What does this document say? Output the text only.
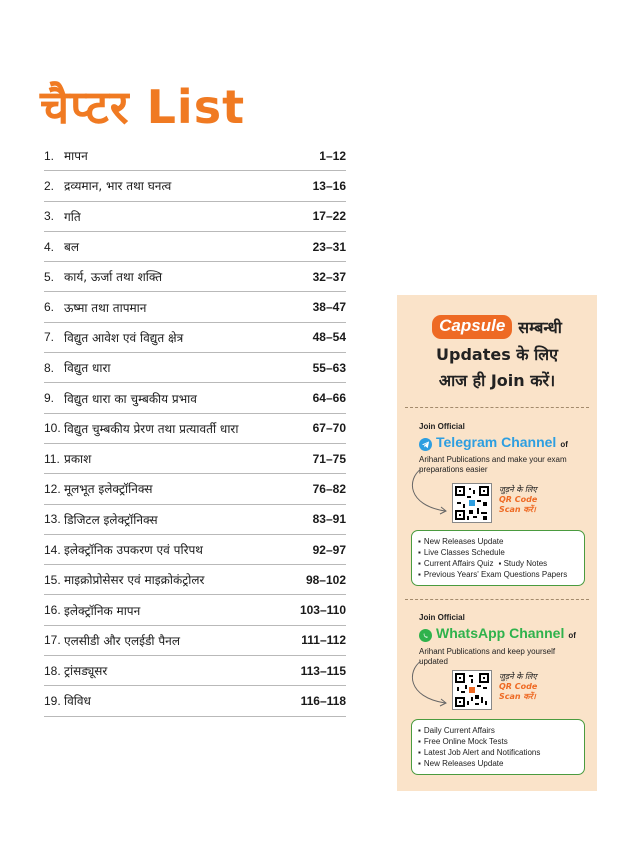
चैप्टर List
1. मापन	1–12
2. द्रव्यमान, भार तथा घनत्व	13–16
3. गति	17–22
4. बल	23–31
5. कार्य, ऊर्जा तथा शक्ति	32–37
6. ऊष्मा तथा तापमान	38–47
7. विद्युत आवेश एवं विद्युत क्षेत्र	48–54
8. विद्युत धारा	55–63
9. विद्युत धारा का चुम्बकीय प्रभाव	64–66
10. विद्युत चुम्बकीय प्रेरण तथा प्रत्यावर्ती धारा	67–70
11. प्रकाश	71–75
12. मूलभूत इलेक्ट्रॉनिक्स	76–82
13. डिजिटल इलेक्ट्रॉनिक्स	83–91
14. इलेक्ट्रॉनिक उपकरण एवं परिपथ	92–97
15. माइक्रोप्रोसेसर एवं माइक्रोकंट्रोलर	98–102
16. इलेक्ट्रॉनिक मापन	103–110
17. एलसीडी और एलईडी पैनल	111–112
18. ट्रांसड्यूसर	113–115
19. विविध	116–118
Capsule सम्बन्धी
Updates के लिए
आज ही Join करें।
Join Official
Telegram Channel of
Arihant Publications and make your exam preparations easier
जुड़ने के लिए
QR Code
Scan करें।
▪ New Releases Update
▪ Live Classes Schedule
▪ Current Affairs Quiz ▪ Study Notes
▪ Previous Years' Exam Questions Papers
Join Official
WhatsApp Channel of
Arihant Publications and keep yourself updated
जुड़ने के लिए
QR Code
Scan करें।
▪ Daily Current Affairs
▪ Free Online Mock Tests
▪ Latest Job Alert and Notifications
▪ New Releases Update
